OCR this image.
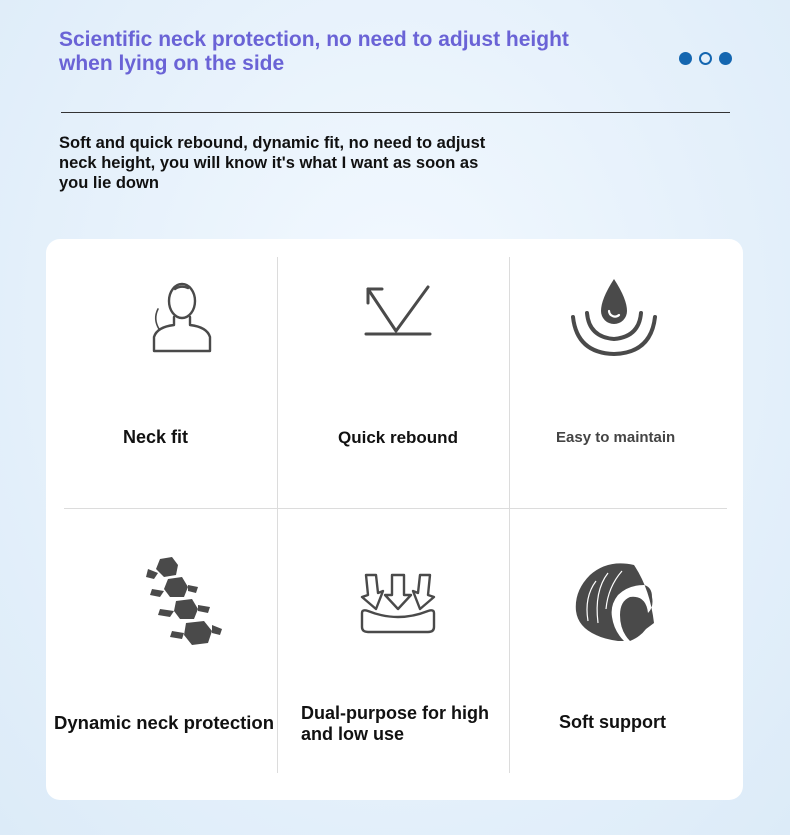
Scientific neck protection, no need to adjust height when lying on the side
Soft and quick rebound, dynamic fit, no need to adjust neck height, you will know it's what I want as soon as you lie down
Neck fit	Quick rebound	Easy to maintain
Dynamic neck protection Dual-purpose for high and low use
Soft support
